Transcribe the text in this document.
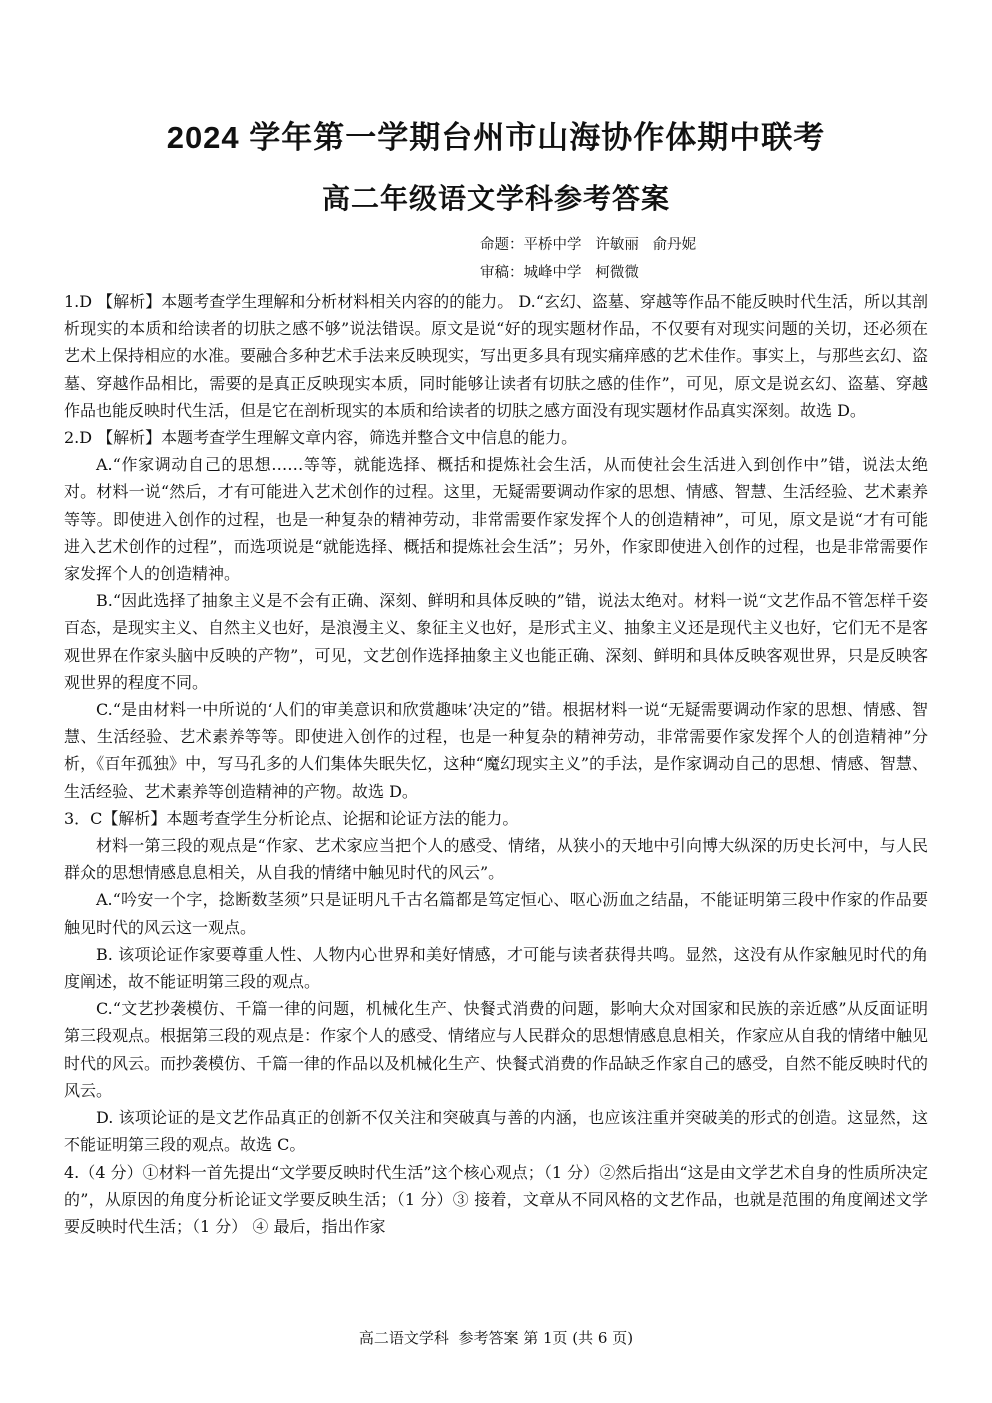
2024 学年第一学期台州市山海协作体期中联考
高二年级语文学科参考答案
命题：平桥中学   许敏丽   俞丹妮
审稿：城峰中学   柯微微

1.D 【解析】本题考查学生理解和分析材料相关内容的的能力。 D.“玄幻、盗墓、穿越等作品不能反映时代生活，所以其剖析现实的本质和给读者的切肤之感不够”说法错误。原文是说“好的现实题材作品，不仅要有对现实问题的关切，还必须在艺术上保持相应的水准。要融合多种艺术手法来反映现实，写出更多具有现实痛痒感的艺术佳作。事实上，与那些玄幻、盗墓、穿越作品相比，需要的是真正反映现实本质，同时能够让读者有切肤之感的佳作”，可见，原文是说玄幻、盗墓、穿越作品也能反映时代生活，但是它在剖析现实的本质和给读者的切肤之感方面没有现实题材作品真实深刻。故选 D。

2.D 【解析】本题考查学生理解文章内容，筛选并整合文中信息的能力。

A.“作家调动自己的思想……等等，就能选择、概括和提炼社会生活，从而使社会生活进入到创作中”错，说法太绝对。材料一说“然后，才有可能进入艺术创作的过程。这里，无疑需要调动作家的思想、情感、智慧、生活经验、艺术素养等等。即使进入创作的过程，也是一种复杂的精神劳动，非常需要作家发挥个人的创造精神”，可见，原文是说“才有可能进入艺术创作的过程”，而选项说是“就能选择、概括和提炼社会生活”；另外，作家即使进入创作的过程，也是非常需要作家发挥个人的创造精神。

B.“因此选择了抽象主义是不会有正确、深刻、鲜明和具体反映的”错，说法太绝对。材料一说“文艺作品不管怎样千姿百态，是现实主义、自然主义也好，是浪漫主义、象征主义也好，是形式主义、抽象主义还是现代主义也好，它们无不是客观世界在作家头脑中反映的产物”，可见，文艺创作选择抽象主义也能正确、深刻、鲜明和具体反映客观世界，只是反映客观世界的程度不同。

C.“是由材料一中所说的‘人们的审美意识和欣赏趣味’决定的”错。根据材料一说“无疑需要调动作家的思想、情感、智慧、生活经验、艺术素养等等。即使进入创作的过程，也是一种复杂的精神劳动，非常需要作家发挥个人的创造精神”分析，《百年孤独》中，写马孔多的人们集体失眠失忆，这种“魔幻现实主义”的手法，是作家调动自己的思想、情感、智慧、生活经验、艺术素养等创造精神的产物。故选 D。

3．C【解析】本题考查学生分析论点、论据和论证方法的能力。

材料一第三段的观点是“作家、艺术家应当把个人的感受、情绪，从狭小的天地中引向博大纵深的历史长河中，与人民群众的思想情感息息相关，从自我的情绪中触见时代的风云”。

A.“吟安一个字，捻断数茎须”只是证明凡千古名篇都是笃定恒心、呕心沥血之结晶，不能证明第三段中作家的作品要触见时代的风云这一观点。

B. 该项论证作家要尊重人性、人物内心世界和美好情感，才可能与读者获得共鸣。显然，这没有从作家触见时代的角度阐述，故不能证明第三段的观点。

C.“文艺抄袭模仿、千篇一律的问题，机械化生产、快餐式消费的问题，影响大众对国家和民族的亲近感”从反面证明第三段观点。根据第三段的观点是：作家个人的感受、情绪应与人民群众的思想情感息息相关，作家应从自我的情绪中触见时代的风云。而抄袭模仿、千篇一律的作品以及机械化生产、快餐式消费的作品缺乏作家自己的感受，自然不能反映时代的风云。

D. 该项论证的是文艺作品真正的创新不仅关注和突破真与善的内涵，也应该注重并突破美的形式的创造。这显然，这不能证明第三段的观点。故选 C。

4.（4 分）①材料一首先提出“文学要反映时代生活”这个核心观点；（1 分）②然后指出“这是由文学艺术自身的性质所决定的”，从原因的角度分析论证文学要反映生活；（1 分）③ 接着，文章从不同风格的文艺作品，也就是范围的角度阐述文学要反映时代生活；（1 分） ④ 最后，指出作家

高二语文学科  参考答案 第 1页 (共 6 页)
